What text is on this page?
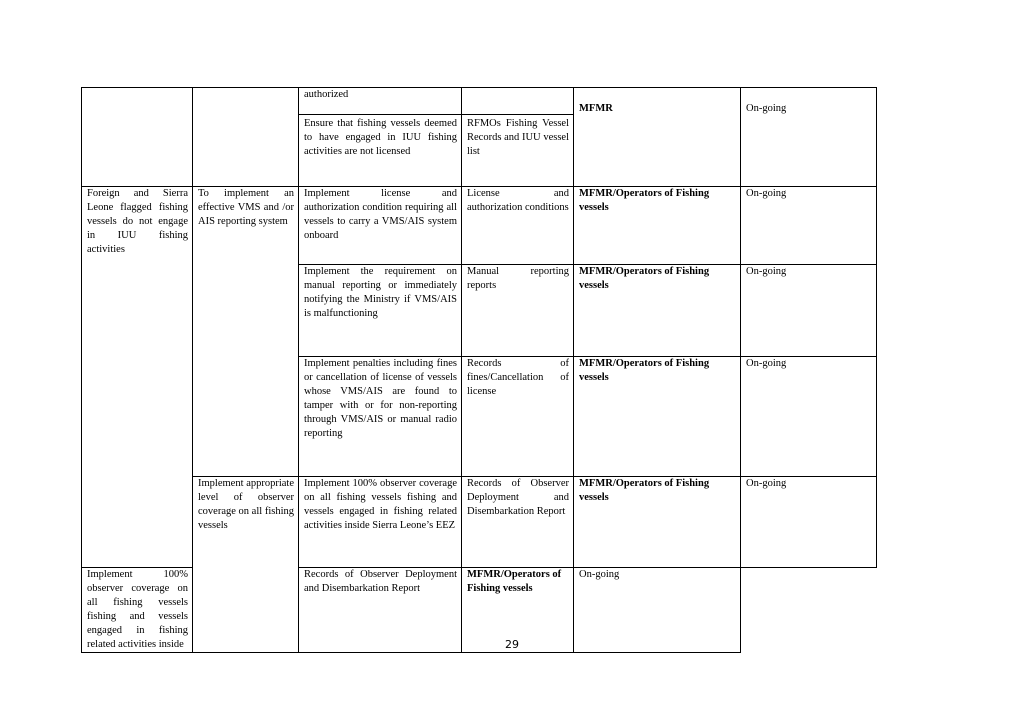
		authorized		MFMR	On-going
		Ensure that fishing vessels deemed to have engaged in IUU fishing activities are not licensed	RFMOs Fishing Vessel Records and IUU vessel list		
Foreign and Sierra Leone flagged fishing vessels do not engage in IUU fishing activities	To implement an effective VMS and /or AIS reporting system	Implement license and authorization condition requiring all vessels to carry a VMS/AIS system onboard	License and authorization conditions	MFMR/Operators of Fishing vessels	On-going
		Implement the requirement on manual reporting or immediately notifying the Ministry if VMS/AIS is malfunctioning	Manual reporting reports	MFMR/Operators of Fishing vessels	On-going
		Implement penalties including fines or cancellation of license of vessels whose VMS/AIS are found to tamper with or for non-reporting through VMS/AIS or manual radio reporting	Records of fines/Cancellation of license	MFMR/Operators of Fishing vessels	On-going
	Implement appropriate level of observer coverage on all fishing vessels	Implement 100% observer coverage on all fishing vessels fishing and vessels engaged in fishing related activities inside Sierra Leone’s EEZ	Records of Observer Deployment and Disembarkation Report	MFMR/Operators of Fishing vessels	On-going
Implement 100% observer coverage on all fishing vessels fishing and vessels engaged in fishing related activities inside		Records of Observer Deployment and Disembarkation Report	MFMR/Operators of Fishing vessels	On-going	
29
